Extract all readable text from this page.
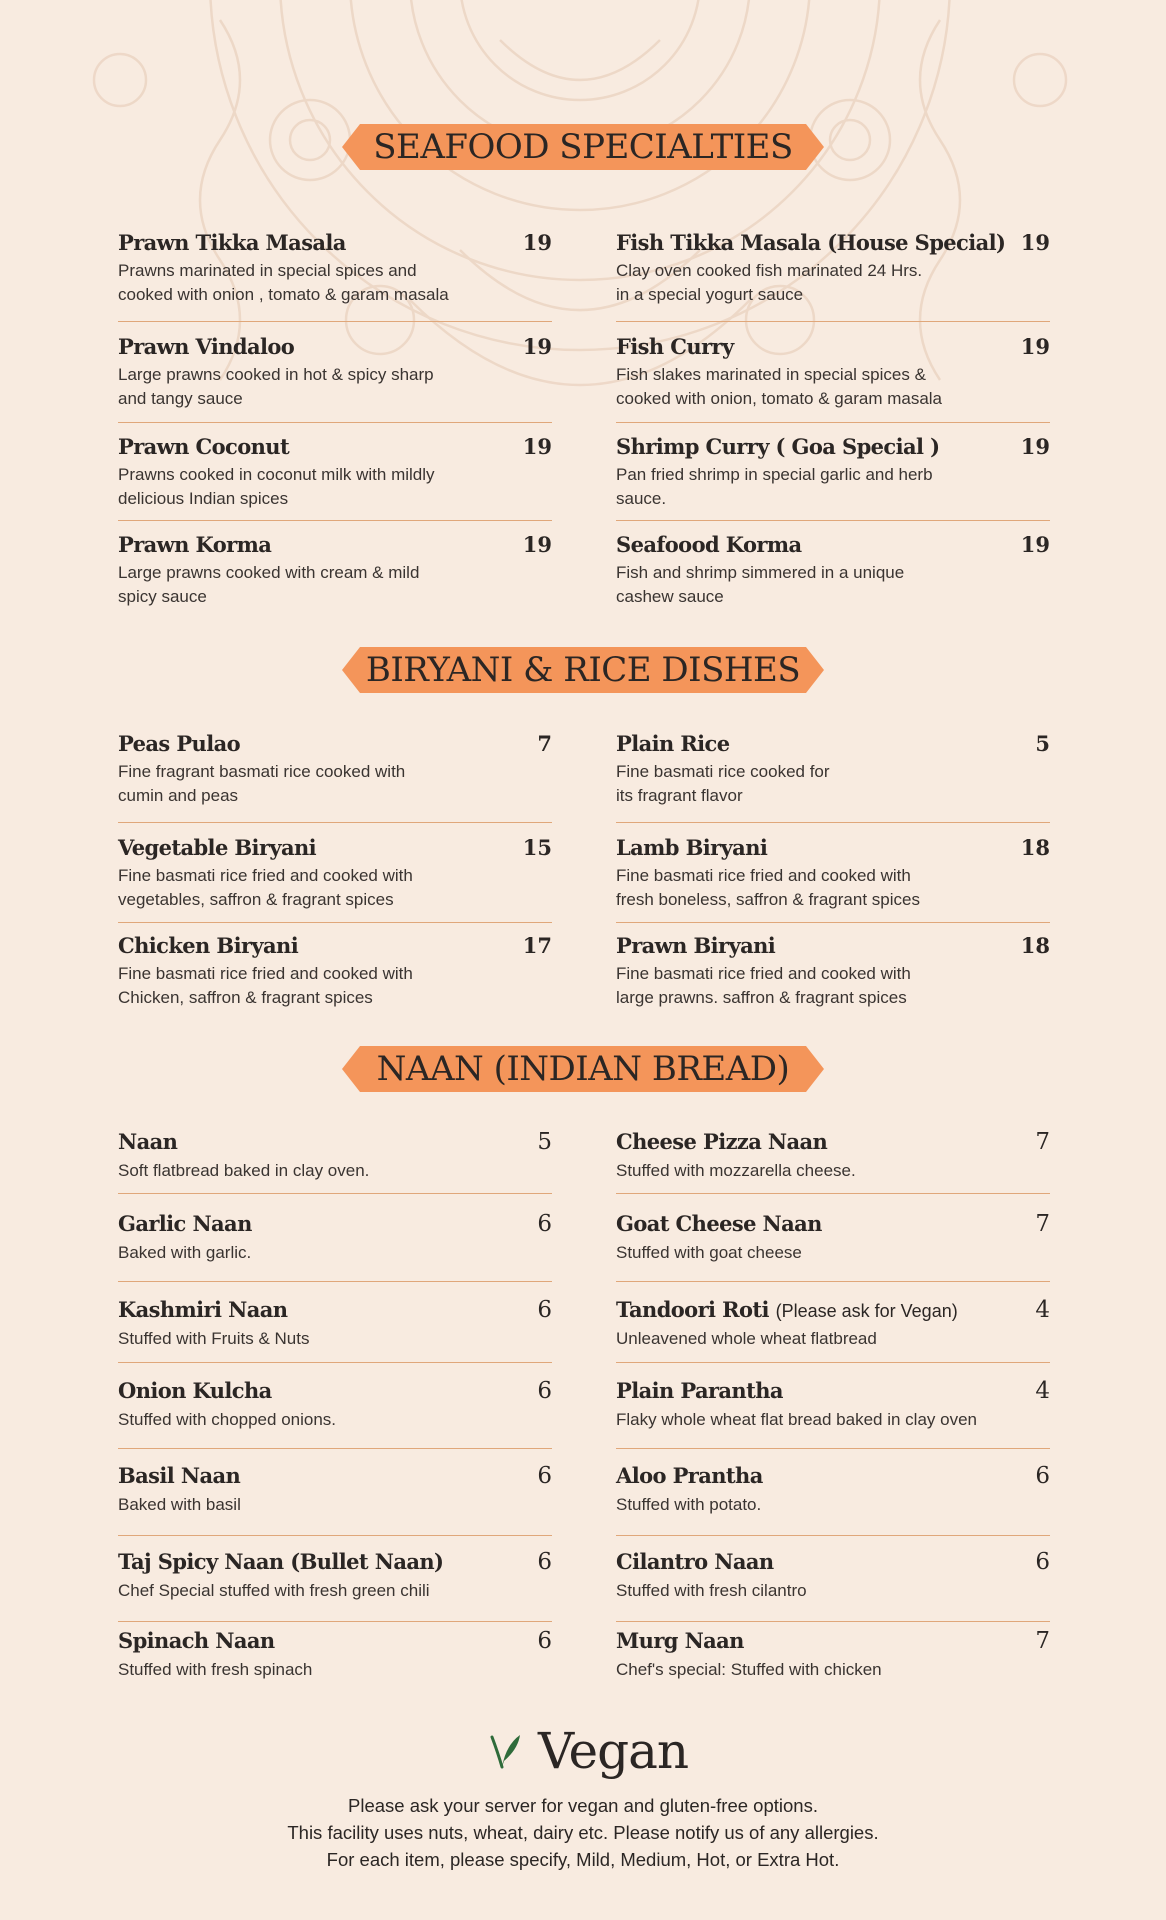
SEAFOOD SPECIALTIES
Prawn Tikka Masala	19
Prawns marinated in special spices and
cooked with onion , tomato & garam masala
Prawn Vindaloo	19
Large prawns cooked in hot & spicy sharp
and tangy sauce
Prawn Coconut	19
Prawns cooked in coconut milk with mildly
delicious Indian spices
Prawn Korma	19
Large prawns cooked with cream & mild
spicy sauce
Fish Tikka Masala (House Special) 19
Clay oven cooked fish marinated 24 Hrs.
in a special yogurt sauce
Fish Curry	19
Fish slakes marinated in special spices &
cooked with onion, tomato & garam masala
Shrimp Curry ( Goa Special )	19
Pan fried shrimp in special garlic and herb
sauce.
Seafoood Korma	19
Fish and shrimp simmered in a unique
cashew sauce
BIRYANI & RICE DISHES
Peas Pulao	7
Fine fragrant basmati rice cooked with
cumin and peas
Vegetable Biryani	15
Fine basmati rice fried and cooked with
vegetables, saffron & fragrant spices
Chicken Biryani	17
Fine basmati rice fried and cooked with
Chicken, saffron & fragrant spices
Plain Rice	5
Fine basmati rice cooked for
its fragrant flavor
Lamb Biryani	18
Fine basmati rice fried and cooked with
fresh boneless, saffron & fragrant spices
Prawn Biryani	18
Fine basmati rice fried and cooked with
large prawns. saffron & fragrant spices
NAAN (INDIAN BREAD)
Naan	5
Soft flatbread baked in clay oven.
Garlic Naan	6
Baked with garlic.
Kashmiri Naan	6
Stuffed with Fruits & Nuts
Onion Kulcha	6
Stuffed with chopped onions.
Basil Naan	6
Baked with basil
Taj Spicy Naan (Bullet Naan)	6
Chef Special stuffed with fresh green chili
Spinach Naan	6
Stuffed with fresh spinach
Cheese Pizza Naan	7
Stuffed with mozzarella cheese.
Goat Cheese Naan	7
Stuffed with goat cheese
Tandoori Roti (Please ask for Vegan)	4
Unleavened whole wheat flatbread
Plain Parantha	4
Flaky whole wheat flat bread baked in clay oven
Aloo Prantha	6
Stuffed with potato.
Cilantro Naan	6
Stuffed with fresh cilantro
Murg Naan	7
Chef's special: Stuffed with chicken
Vegan
Please ask your server for vegan and gluten-free options.
This facility uses nuts, wheat, dairy etc. Please notify us of any allergies.
For each item, please specify, Mild, Medium, Hot, or Extra Hot.
